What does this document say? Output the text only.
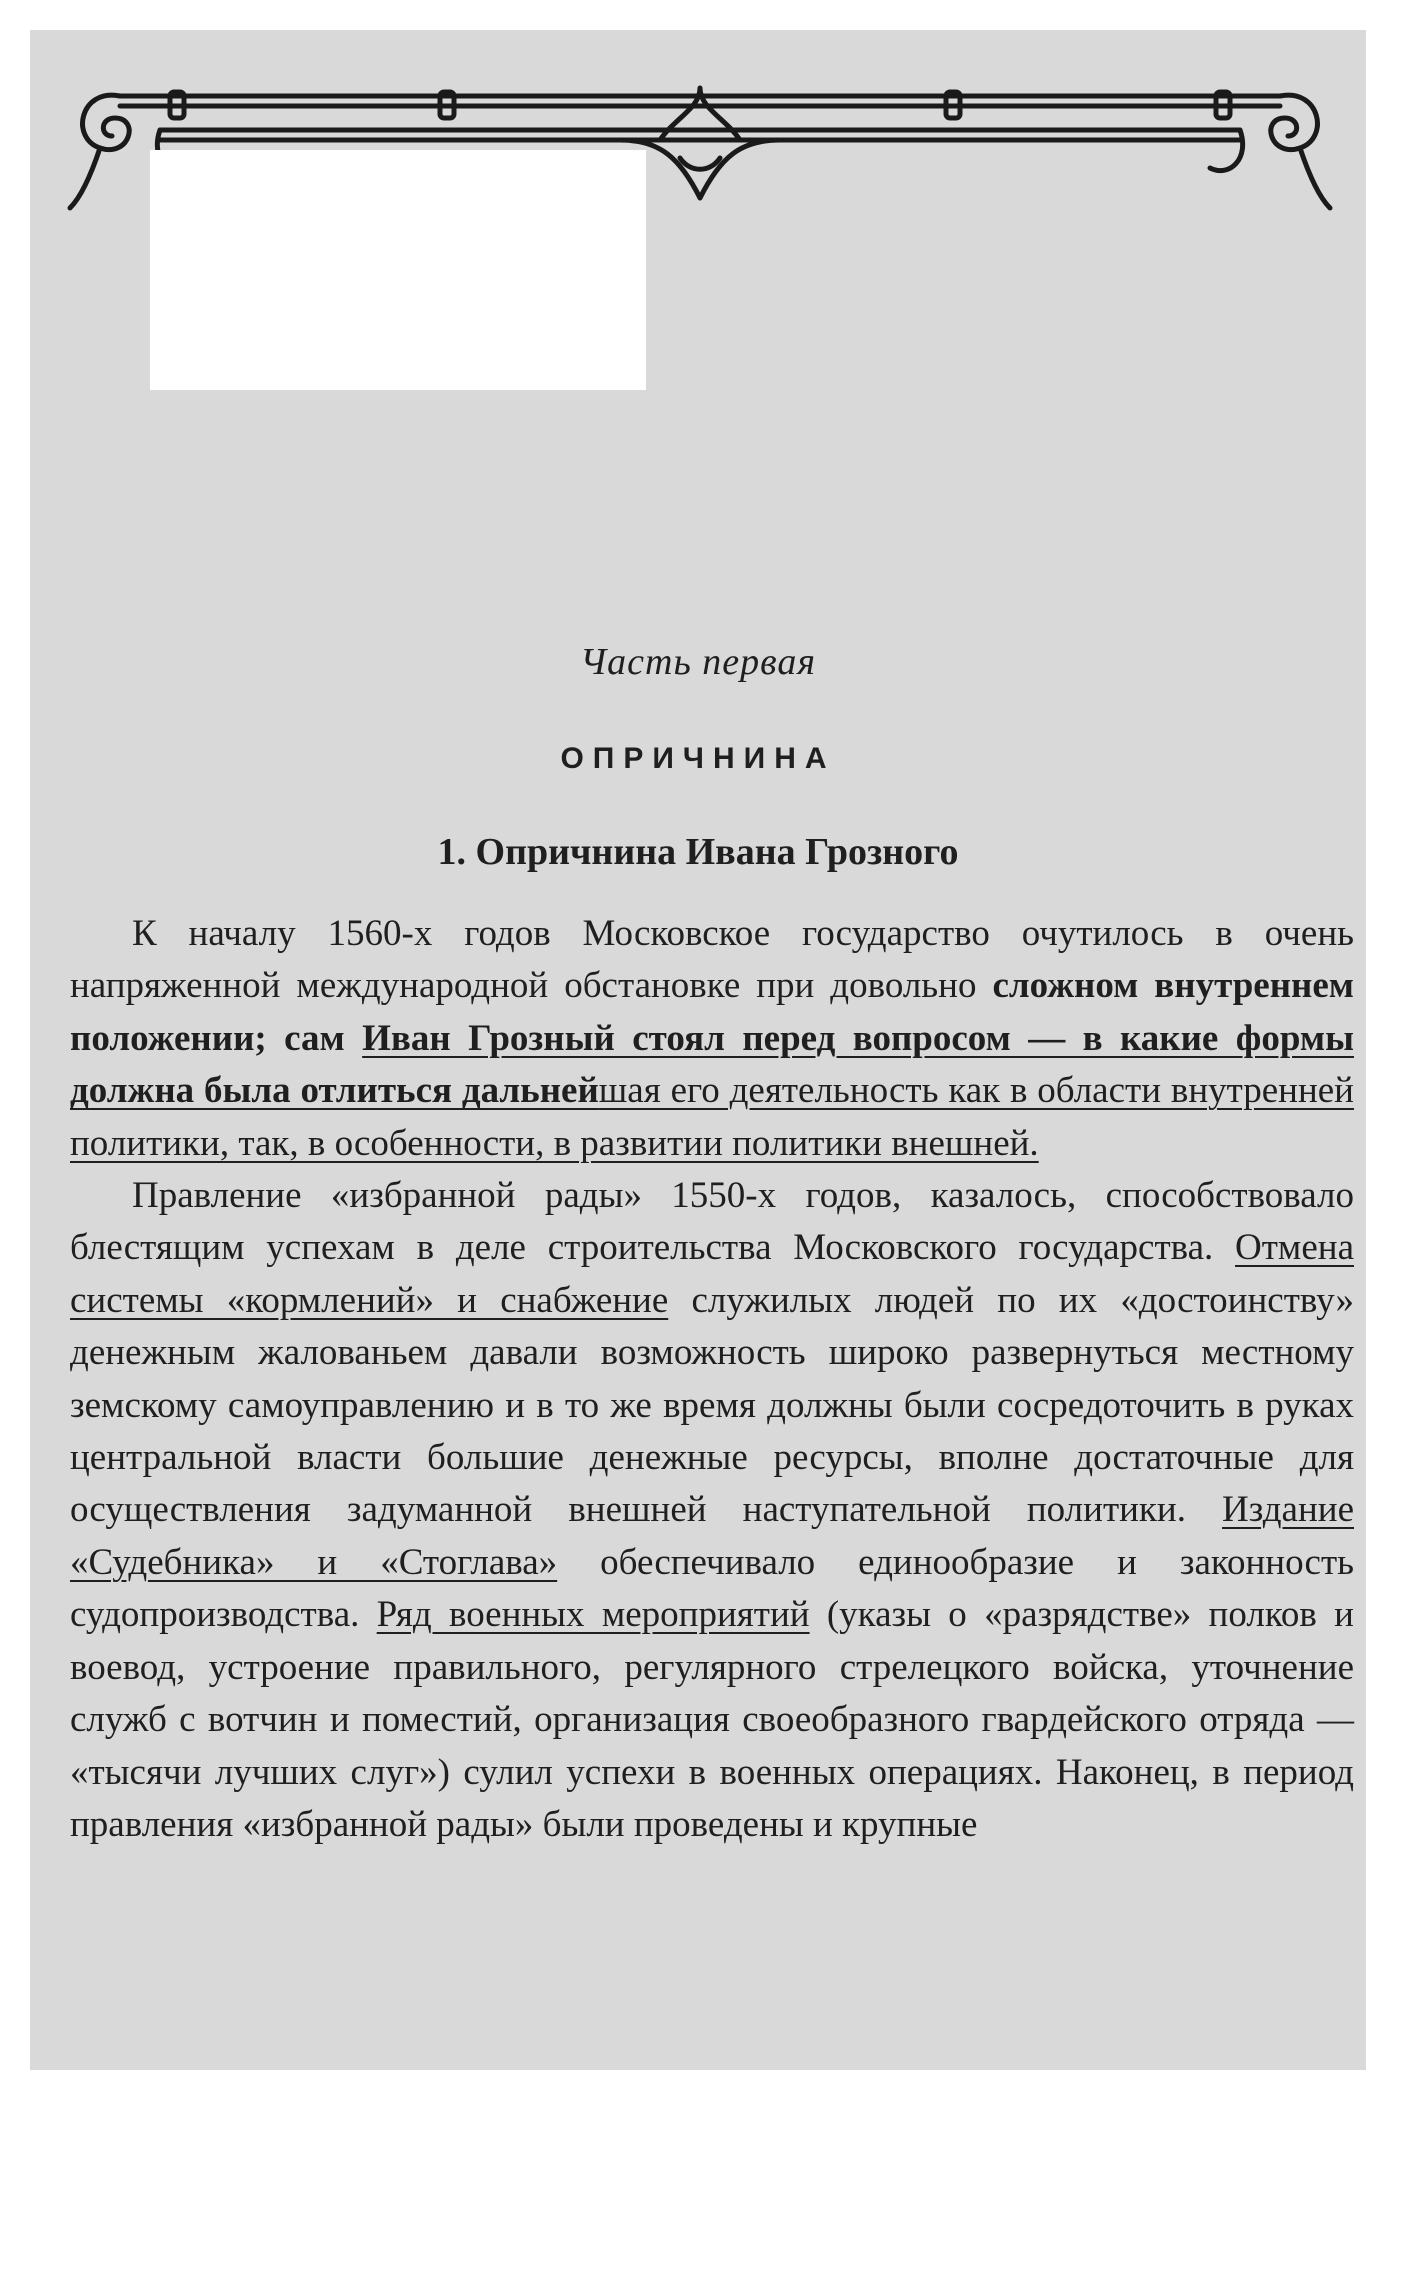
Часть первая
ОПРИЧНИНА
1. Опричнина Ивана Грозного

К началу 1560-х годов Московское государство очутилось в очень напряженной международной обстановке при довольно сложном внутреннем положении; сам Иван Грозный стоял перед вопросом — в какие формы должна была отлиться дальнейшая его деятельность как в области внутренней политики, так, в особенности, в развитии политики внешней.

Правление «избранной рады» 1550-х годов, казалось, способствовало блестящим успехам в деле строительства Московского государства. Отмена системы «кормлений» и снабжение служилых людей по их «достоинству» денежным жалованьем давали возможность широко развернуться местному земскому самоуправлению и в то же время должны были сосредоточить в руках центральной власти большие денежные ресурсы, вполне достаточные для осуществления задуманной внешней наступательной политики. Издание «Судебника» и «Стоглава» обеспечивало единообразие и законность судопроизводства. Ряд военных мероприятий (указы о «разрядстве» полков и воевод, устроение правильного, регулярного стрелецкого войска, уточнение служб с вотчин и поместий, организация своеобразного гвардейского отряда — «тысячи лучших слуг») сулил успехи в военных операциях. Наконец, в период правления «избранной рады» были проведены и крупные
